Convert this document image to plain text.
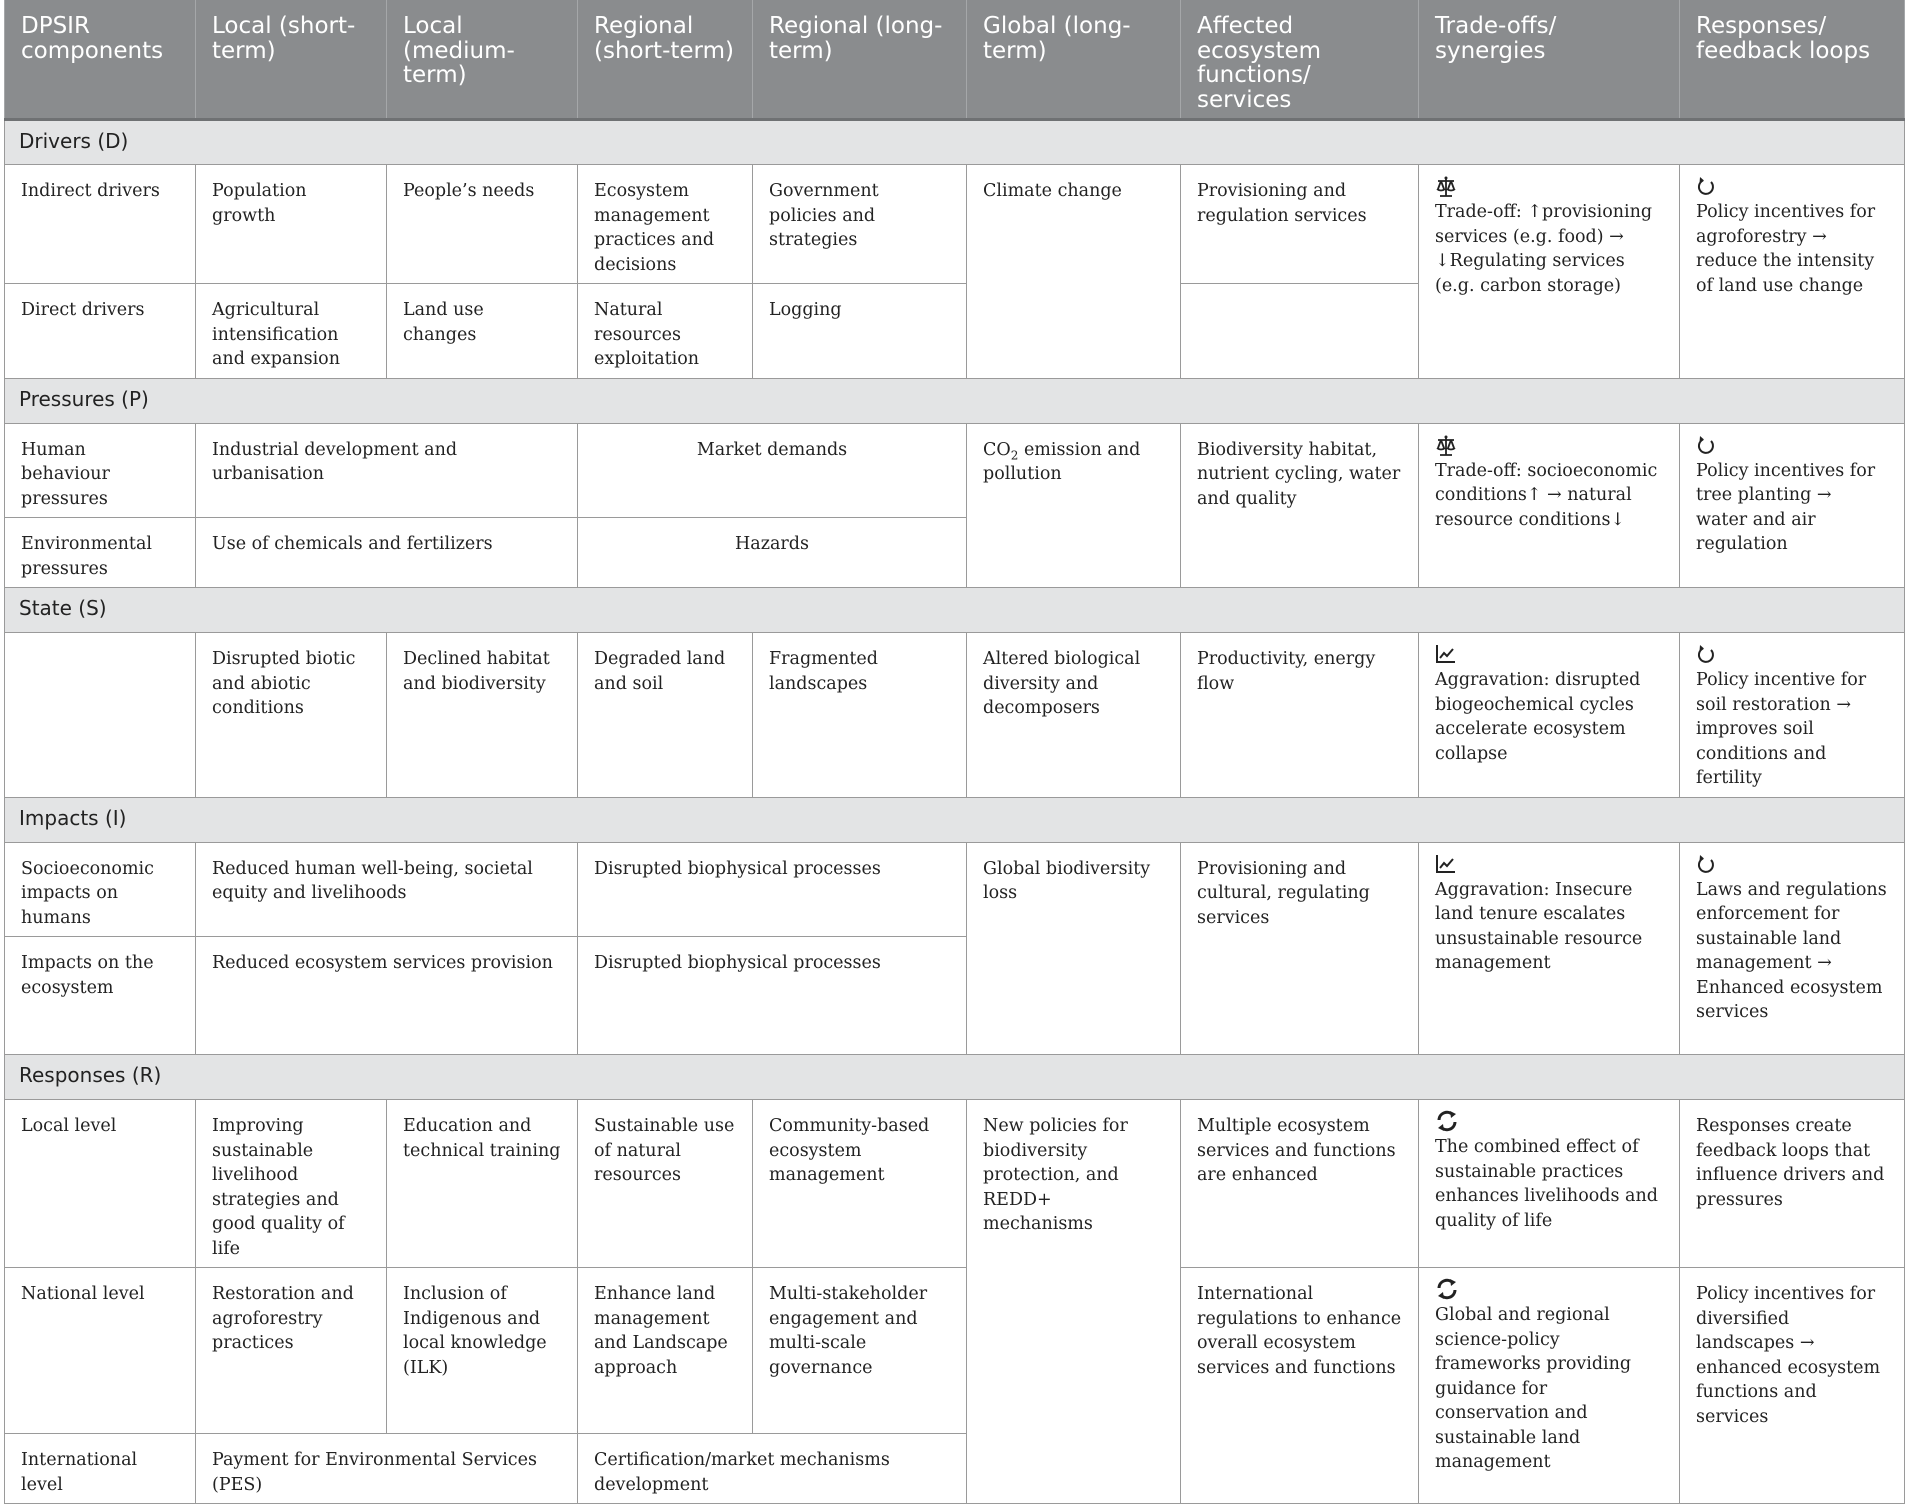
DPSIR components	Local (short-term)	Local (medium-term)	Regional (short-term)	Regional (long-term)	Global (long-term)	Affected ecosystem functions/ services	Trade-offs/ synergies	Responses/ feedback loops
Drivers (D)								
Indirect drivers	Population growth	People’s needs	Ecosystem management practices and decisions	Government policies and strategies	Climate change	Provisioning and regulation services	Trade-off: ↑provisioning services (e.g. food) → ↓Regulating services (e.g. carbon storage)	Policy incentives for agroforestry → reduce the intensity of land use change
Direct drivers	Agricultural intensification and expansion	Land use changes	Natural resources exploitation	Logging				
Pressures (P)								
Human behaviour pressures	Industrial development and urbanisation		Market demands		$CO_2$ emission and pollution	Biodiversity habitat, nutrient cycling, water and quality	Trade-off: socioeconomic conditions↑ → natural resource conditions↓	Policy incentives for tree planting → water and air regulation
Environmental pressures	Use of chemicals and fertilizers		Hazards					
State (S)								
	Disrupted biotic and abiotic conditions	Declined habitat and biodiversity	Degraded land and soil	Fragmented landscapes	Altered biological diversity and decomposers	Productivity, energy flow	Aggravation: disrupted biogeochemical cycles accelerate ecosystem collapse	Policy incentive for soil restoration → improves soil conditions and fertility
Impacts (I)								
Socioeconomic impacts on humans	Reduced human well-being, societal equity and livelihoods		Disrupted biophysical processes		Global biodiversity loss	Provisioning and cultural, regulating services	Aggravation: Insecure land tenure escalates unsustainable resource management	Laws and regulations enforcement for sustainable land management → Enhanced ecosystem services
Impacts on the ecosystem	Reduced ecosystem services provision		Disrupted biophysical processes					
Responses (R)								
Local level	Improving sustainable livelihood strategies and good quality of life	Education and technical training	Sustainable use of natural resources	Community-based ecosystem management	New policies for biodiversity protection, and REDD+ mechanisms	Multiple ecosystem services and functions are enhanced	The combined effect of sustainable practices enhances livelihoods and quality of life	Responses create feedback loops that influence drivers and pressures
National level	Restoration and agroforestry practices	Inclusion of Indigenous and local knowledge (ILK)	Enhance land management and Landscape approach	Multi-stakeholder engagement and multi-scale governance		International regulations to enhance overall ecosystem services and functions	Global and regional science-policy frameworks providing guidance for conservation and sustainable land management	Policy incentives for diversified landscapes → enhanced ecosystem functions and services
International level	Payment for Environmental Services (PES)		Certification/market mechanisms development					
